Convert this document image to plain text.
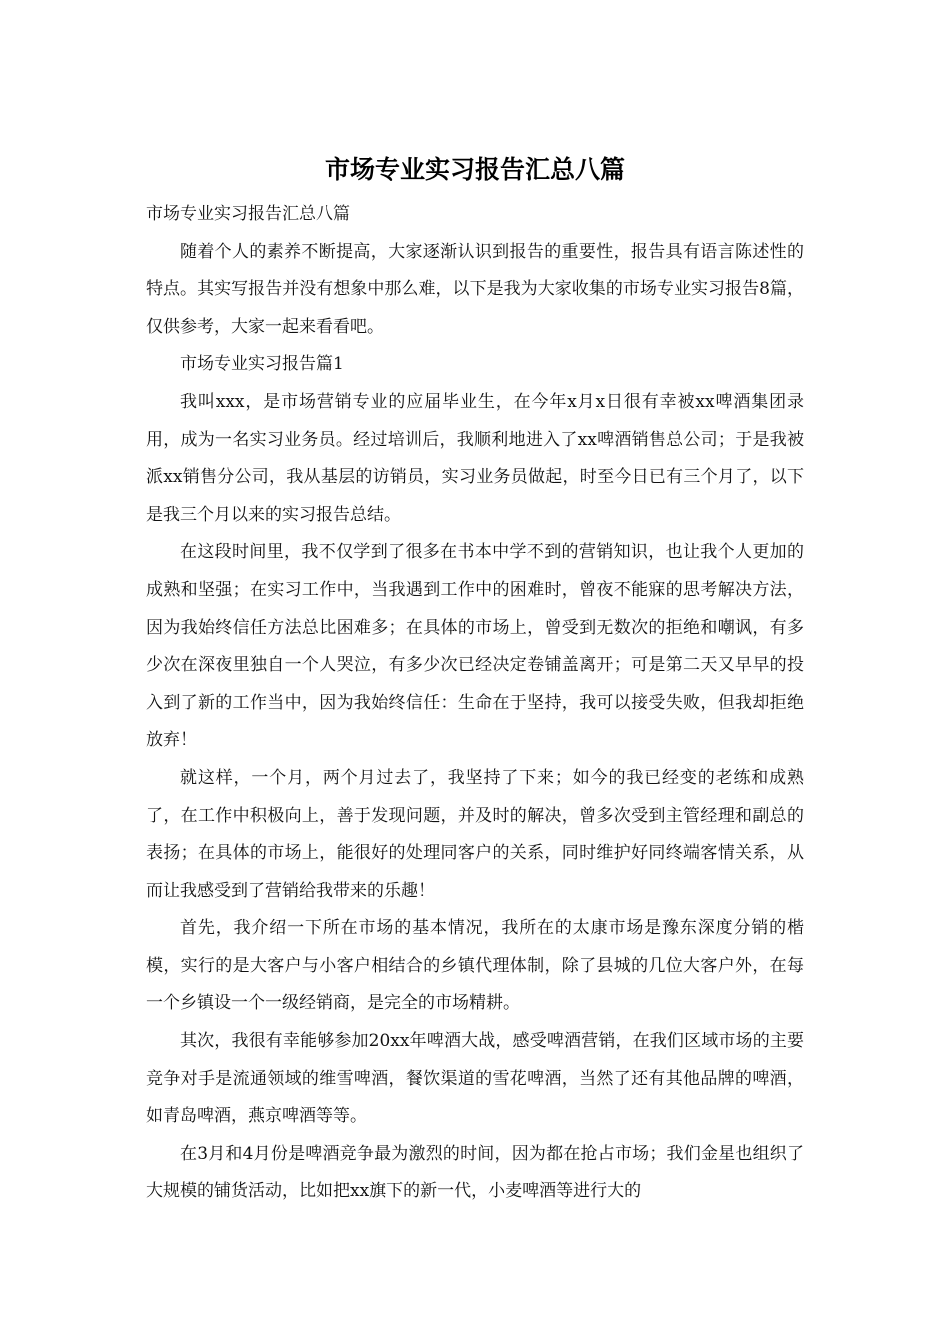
市场专业实习报告汇总八篇

市场专业实习报告汇总八篇

随着个人的素养不断提高，大家逐渐认识到报告的重要性，报告具有语言陈述性的特点。其实写报告并没有想象中那么难，以下是我为大家收集的市场专业实习报告8篇，仅供参考，大家一起来看看吧。

市场专业实习报告篇1

我叫xxx，是市场营销专业的应届毕业生，在今年x月x日很有幸被xx啤酒集团录用，成为一名实习业务员。经过培训后，我顺利地进入了xx啤酒销售总公司；于是我被派xx销售分公司，我从基层的访销员，实习业务员做起，时至今日已有三个月了，以下是我三个月以来的实习报告总结。

在这段时间里，我不仅学到了很多在书本中学不到的营销知识，也让我个人更加的成熟和坚强；在实习工作中，当我遇到工作中的困难时，曾夜不能寐的思考解决方法，因为我始终信任方法总比困难多；在具体的市场上，曾受到无数次的拒绝和嘲讽，有多少次在深夜里独自一个人哭泣，有多少次已经决定卷铺盖离开；可是第二天又早早的投入到了新的工作当中，因为我始终信任：生命在于坚持，我可以接受失败，但我却拒绝放弃！

就这样，一个月，两个月过去了，我坚持了下来；如今的我已经变的老练和成熟了，在工作中积极向上，善于发现问题，并及时的解决，曾多次受到主管经理和副总的表扬；在具体的市场上，能很好的处理同客户的关系，同时维护好同终端客情关系，从而让我感受到了营销给我带来的乐趣！

首先，我介绍一下所在市场的基本情况，我所在的太康市场是豫东深度分销的楷模，实行的是大客户与小客户相结合的乡镇代理体制，除了县城的几位大客户外，在每一个乡镇设一个一级经销商，是完全的市场精耕。

其次，我很有幸能够参加20xx年啤酒大战，感受啤酒营销，在我们区域市场的主要竞争对手是流通领域的维雪啤酒，餐饮渠道的雪花啤酒，当然了还有其他品牌的啤酒，如青岛啤酒，燕京啤酒等等。

在3月和4月份是啤酒竞争最为激烈的时间，因为都在抢占市场；我们金星也组织了大规模的铺货活动，比如把xx旗下的新一代，小麦啤酒等进行大的
